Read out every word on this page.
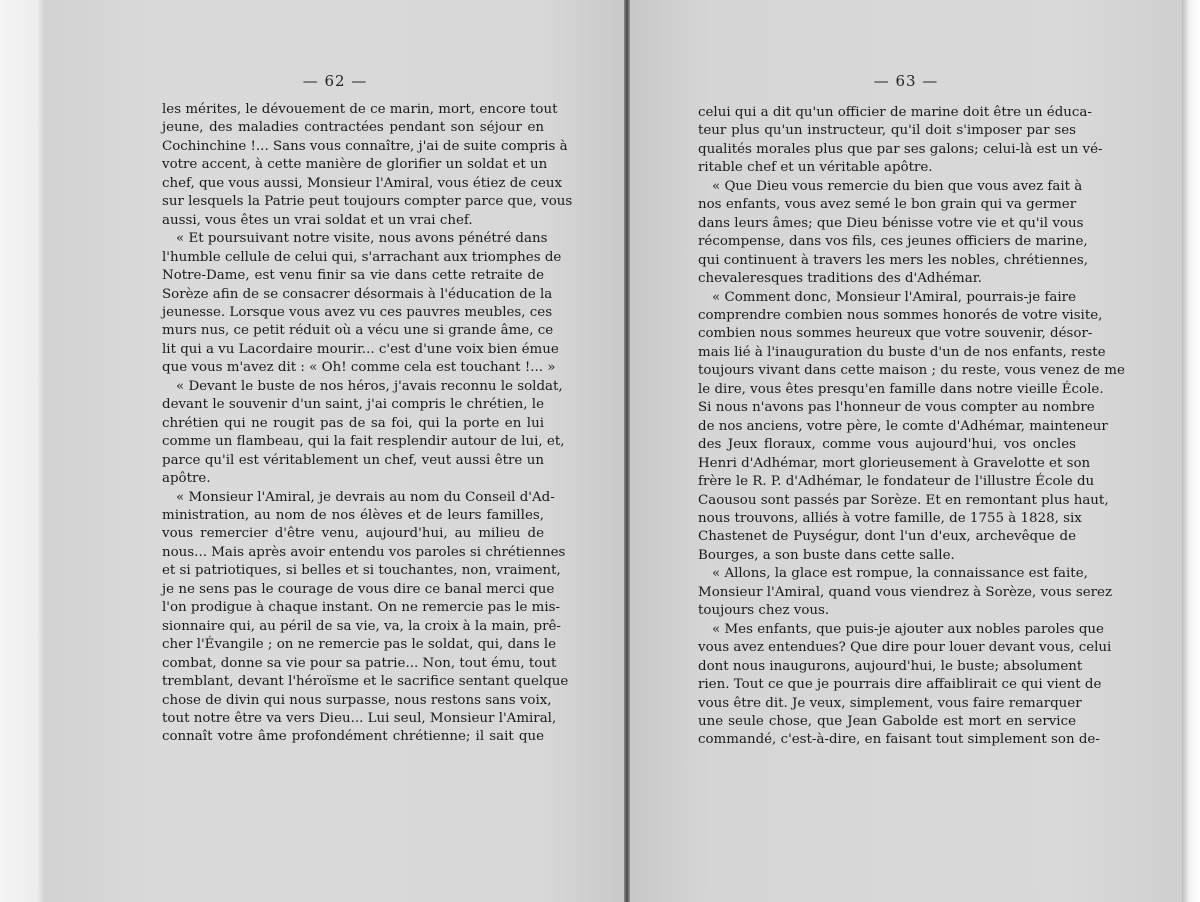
— 62 —
les mérites, le dévouement de ce marin, mort, encore tout
jeune, des maladies contractées pendant son séjour en
Cochinchine !... Sans vous connaître, j'ai de suite compris à
votre accent, à cette manière de glorifier un soldat et un
chef, que vous aussi, Monsieur l'Amiral, vous étiez de ceux
sur lesquels la Patrie peut toujours compter parce que, vous
aussi, vous êtes un vrai soldat et un vrai chef.
« Et poursuivant notre visite, nous avons pénétré dans
l'humble cellule de celui qui, s'arrachant aux triomphes de
Notre-Dame, est venu finir sa vie dans cette retraite de
Sorèze afin de se consacrer désormais à l'éducation de la
jeunesse. Lorsque vous avez vu ces pauvres meubles, ces
murs nus, ce petit réduit où a vécu une si grande âme, ce
lit qui a vu Lacordaire mourir... c'est d'une voix bien émue
que vous m'avez dit : « Oh! comme cela est touchant !... »
« Devant le buste de nos héros, j'avais reconnu le soldat,
devant le souvenir d'un saint, j'ai compris le chrétien, le
chrétien qui ne rougit pas de sa foi, qui la porte en lui
comme un flambeau, qui la fait resplendir autour de lui, et,
parce qu'il est véritablement un chef, veut aussi être un
apôtre.
« Monsieur l'Amiral, je devrais au nom du Conseil d'Ad-
ministration, au nom de nos élèves et de leurs familles,
vous remercier d'être venu, aujourd'hui, au milieu de
nous... Mais après avoir entendu vos paroles si chrétiennes
et si patriotiques, si belles et si touchantes, non, vraiment,
je ne sens pas le courage de vous dire ce banal merci que
l'on prodigue à chaque instant. On ne remercie pas le mis-
sionnaire qui, au péril de sa vie, va, la croix à la main, prê-
cher l'Évangile ; on ne remercie pas le soldat, qui, dans le
combat, donne sa vie pour sa patrie... Non, tout ému, tout
tremblant, devant l'héroïsme et le sacrifice sentant quelque
chose de divin qui nous surpasse, nous restons sans voix,
tout notre être va vers Dieu... Lui seul, Monsieur l'Amiral,
connaît votre âme profondément chrétienne; il sait que
— 63 —
celui qui a dit qu'un officier de marine doit être un éduca-
teur plus qu'un instructeur, qu'il doit s'imposer par ses
qualités morales plus que par ses galons; celui-là est un vé-
ritable chef et un véritable apôtre.
« Que Dieu vous remercie du bien que vous avez fait à
nos enfants, vous avez semé le bon grain qui va germer
dans leurs âmes; que Dieu bénisse votre vie et qu'il vous
récompense, dans vos fils, ces jeunes officiers de marine,
qui continuent à travers les mers les nobles, chrétiennes,
chevaleresques traditions des d'Adhémar.
« Comment donc, Monsieur l'Amiral, pourrais-je faire
comprendre combien nous sommes honorés de votre visite,
combien nous sommes heureux que votre souvenir, désor-
mais lié à l'inauguration du buste d'un de nos enfants, reste
toujours vivant dans cette maison ; du reste, vous venez de me
le dire, vous êtes presqu'en famille dans notre vieille École.
Si nous n'avons pas l'honneur de vous compter au nombre
de nos anciens, votre père, le comte d'Adhémar, mainteneur
des Jeux floraux, comme vous aujourd'hui, vos oncles
Henri d'Adhémar, mort glorieusement à Gravelotte et son
frère le R. P. d'Adhémar, le fondateur de l'illustre École du
Caousou sont passés par Sorèze. Et en remontant plus haut,
nous trouvons, alliés à votre famille, de 1755 à 1828, six
Chastenet de Puységur, dont l'un d'eux, archevêque de
Bourges, a son buste dans cette salle.
« Allons, la glace est rompue, la connaissance est faite,
Monsieur l'Amiral, quand vous viendrez à Sorèze, vous serez
toujours chez vous.
« Mes enfants, que puis-je ajouter aux nobles paroles que
vous avez entendues? Que dire pour louer devant vous, celui
dont nous inaugurons, aujourd'hui, le buste; absolument
rien. Tout ce que je pourrais dire affaiblirait ce qui vient de
vous être dit. Je veux, simplement, vous faire remarquer
une seule chose, que Jean Gabolde est mort en service
commandé, c'est-à-dire, en faisant tout simplement son de-
